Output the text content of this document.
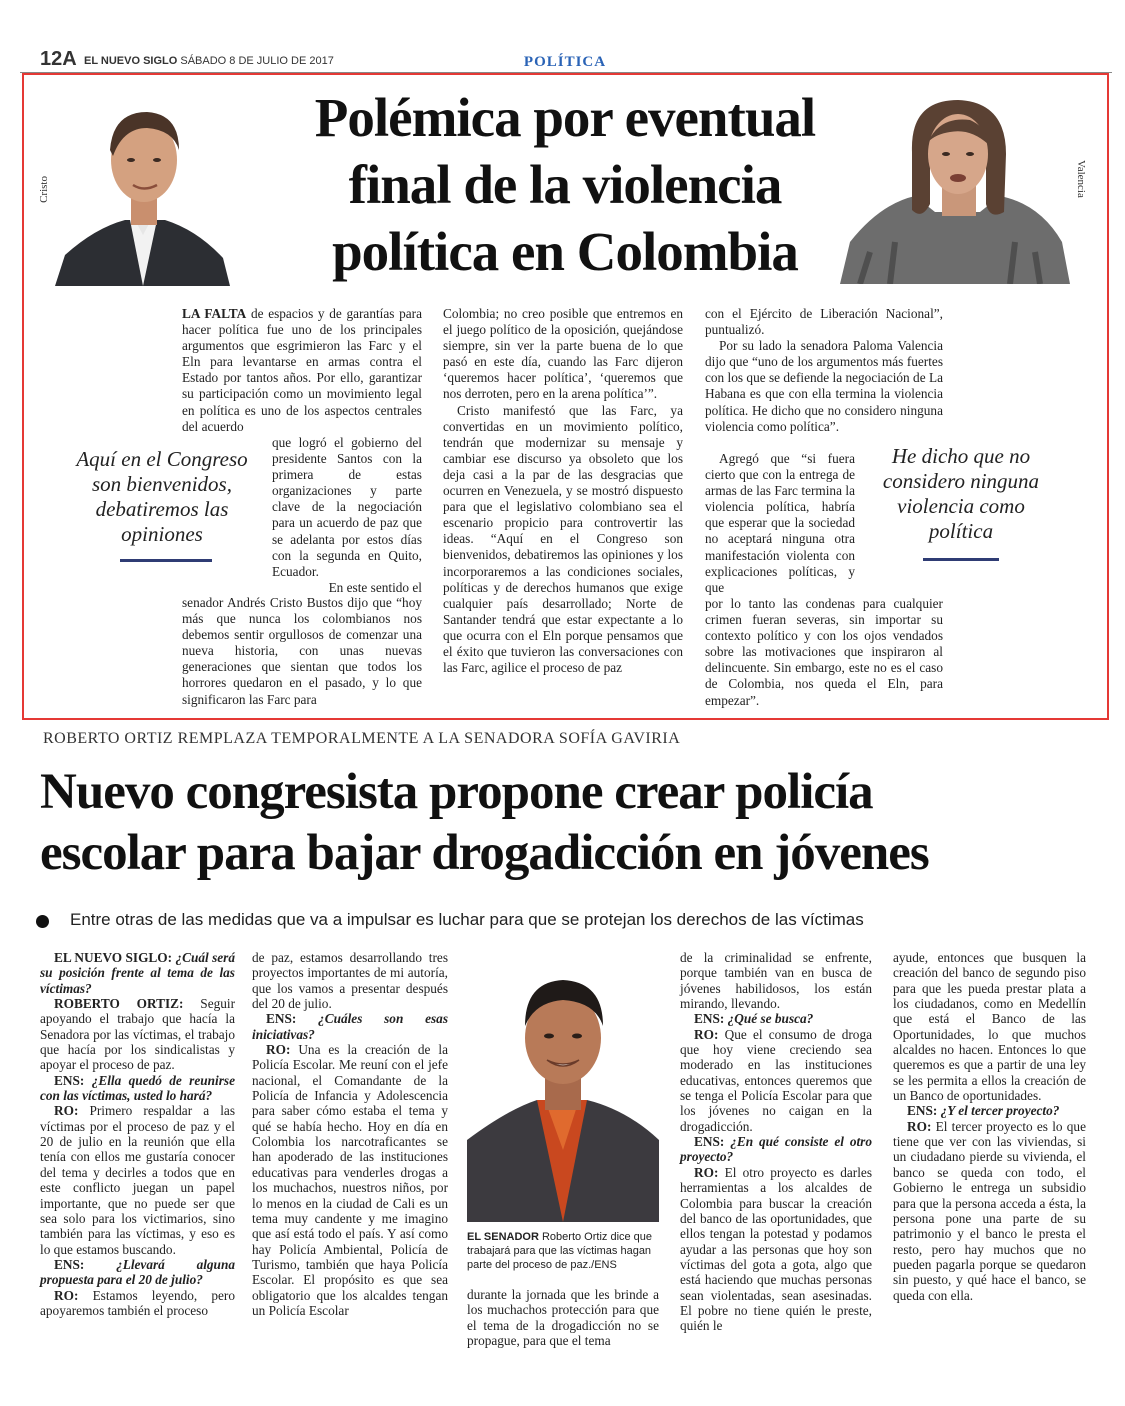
12A EL NUEVO SIGLO SÁBADO 8 DE JULIO DE 2017	POLÍTICA
Polémica por eventual
final de la violencia
política en Colombia
Cristo	Valencia

LA FALTA de espacios y de garantías para hacer política fue uno de los principales argumentos que esgrimieron las Farc y el Eln para levantarse en armas contra el Estado por tantos años. Por ello, garantizar su participación como un movimiento legal en política es uno de los aspectos centrales del acuerdo

que logró el gobierno del presidente Santos con la primera de estas organizaciones y parte clave de la negociación para un acuerdo de paz que se adelanta por estos días con la segunda en Quito, Ecuador.

En este sentido el

senador Andrés Cristo Bustos dijo que “hoy más que nunca los colombianos nos debemos sentir orgullosos de comenzar una nueva historia, con unas nuevas generaciones que sientan que todos los horrores quedaron en el pasado, y lo que significaron las Farc para

Aquí en el Congreso
son bienvenidos,
debatiremos las
opiniones

Colombia; no creo posible que entremos en el juego político de la oposición, quejándose siempre, sin ver la parte buena de lo que pasó en este día, cuando las Farc dijeron ‘queremos hacer política’, ‘queremos que nos derroten, pero en la arena política’”.

Cristo manifestó que las Farc, ya convertidas en un movimiento político, tendrán que modernizar su mensaje y cambiar ese discurso ya obsoleto que los deja casi a la par de las desgracias que ocurren en Venezuela, y se mostró dispuesto para que el legislativo colombiano sea el escenario propicio para controvertir las ideas. “Aquí en el Congreso son bienvenidos, debatiremos las opiniones y los incorporaremos a las condiciones sociales, políticas y de derechos humanos que exige cualquier país desarrollado; Norte de Santander tendrá que estar expectante a lo que ocurra con el Eln porque pensamos que el éxito que tuvieron las conversaciones con las Farc, agilice el proceso de paz

con el Ejército de Liberación Nacional”, puntualizó.

Por su lado la senadora Paloma Valencia dijo que “uno de los argumentos más fuertes con los que se defiende la negociación de La Habana es que con ella termina la violencia política. He dicho que no considero ninguna violencia como política”.

Agregó que “si fuera cierto que con la entrega de armas de las Farc termina la violencia política, habría que esperar que la sociedad no aceptará ninguna otra manifestación violenta con explicaciones políticas, y que

por lo tanto las condenas para cualquier crimen fueran severas, sin importar su contexto político y con los ojos vendados sobre las motivaciones que inspiraron al delincuente. Sin embargo, este no es el caso de Colombia, nos queda el Eln, para empezar”.

He dicho que no
considero ninguna
violencia como
política
ROBERTO ORTIZ REMPLAZA TEMPORALMENTE A LA SENADORA SOFÍA GAVIRIA
Nuevo congresista propone crear policía
escolar para bajar drogadicción en jóvenes
Entre otras de las medidas que va a impulsar es luchar para que se protejan los derechos de las víctimas

EL NUEVO SIGLO: ¿Cuál será su posición frente al tema de las víctimas?

ROBERTO ORTIZ: Seguir apoyando el trabajo que hacía la Senadora por las víctimas, el trabajo que hacía por los sindicalistas y apoyar el proceso de paz.

ENS: ¿Ella quedó de reunirse con las víctimas, usted lo hará?

RO: Primero respaldar a las víctimas por el proceso de paz y el 20 de julio en la reunión que ella tenía con ellos me gustaría conocer del tema y decirles a todos que en este conflicto juegan un papel importante, que no puede ser que sea solo para los victimarios, sino también para las víctimas, y eso es lo que estamos buscando.

ENS: ¿Llevará alguna propuesta para el 20 de julio?

RO: Estamos leyendo, pero apoyaremos también el proceso

de paz, estamos desarrollando tres proyectos importantes de mi autoría, que los vamos a presentar después del 20 de julio.

ENS: ¿Cuáles son esas iniciativas?

RO: Una es la creación de la Policía Escolar. Me reuní con el jefe nacional, el Comandante de la Policía de Infancia y Adolescencia para saber cómo estaba el tema y qué se había hecho. Hoy en día en Colombia los narcotraficantes se han apoderado de las instituciones educativas para venderles drogas a los muchachos, nuestros niños, por lo menos en la ciudad de Cali es un tema muy candente y me imagino que así está todo el país. Y así como hay Policía Ambiental, Policía de Turismo, también que haya Policía Escolar. El propósito es que sea obligatorio que los alcaldes tengan un Policía Escolar

EL SENADOR Roberto Ortiz dice que trabajará para que las víctimas hagan parte del proceso de paz./ENS

durante la jornada que les brinde a los muchachos protección para que el tema de la drogadicción no se propague, para que el tema

de la criminalidad se enfrente, porque también van en busca de jóvenes habilidosos, los están mirando, llevando.

ENS: ¿Qué se busca?

RO: Que el consumo de droga que hoy viene creciendo sea moderado en las instituciones educativas, entonces queremos que se tenga el Policía Escolar para que los jóvenes no caigan en la drogadicción.

ENS: ¿En qué consiste el otro proyecto?

RO: El otro proyecto es darles herramientas a los alcaldes de Colombia para buscar la creación del banco de las oportunidades, que ellos tengan la potestad y podamos ayudar a las personas que hoy son víctimas del gota a gota, algo que está haciendo que muchas personas sean violentadas, sean asesinadas. El pobre no tiene quién le preste, quién le

ayude, entonces que busquen la creación del banco de segundo piso para que les pueda prestar plata a los ciudadanos, como en Medellín que está el Banco de las Oportunidades, lo que muchos alcaldes no hacen. Entonces lo que queremos es que a partir de una ley se les permita a ellos la creación de un Banco de oportunidades.

ENS: ¿Y el tercer proyecto?

RO: El tercer proyecto es lo que tiene que ver con las viviendas, si un ciudadano pierde su vivienda, el banco se queda con todo, el Gobierno le entrega un subsidio para que la persona acceda a ésta, la persona pone una parte de su patrimonio y el banco le presta el resto, pero hay muchos que no pueden pagarla porque se quedaron sin puesto, y qué hace el banco, se queda con ella.
